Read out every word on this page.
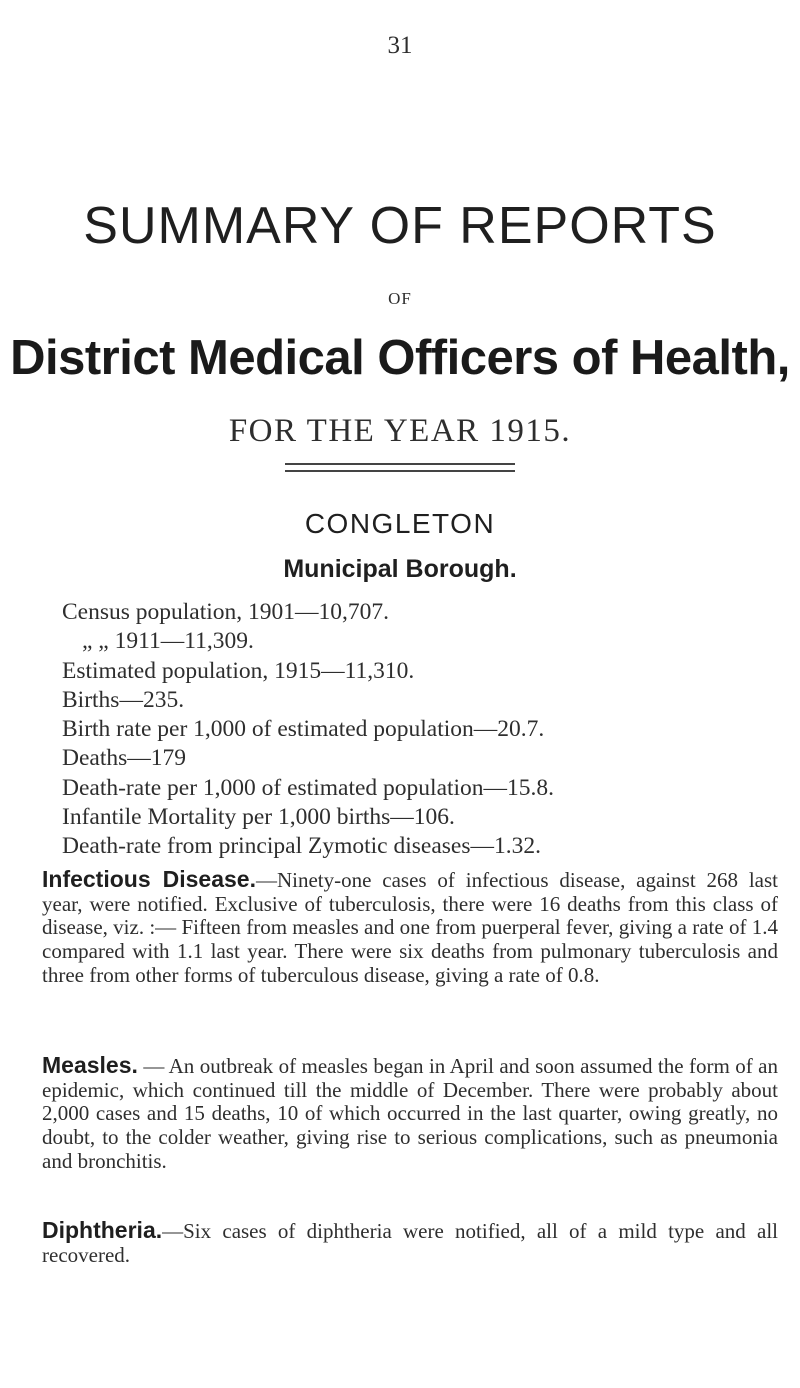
31
SUMMARY OF REPORTS
OF
District Medical Officers of Health,
FOR THE YEAR 1915.
CONGLETON
Municipal Borough.
Census population, 1901—10,707.
„ „ 1911—11,309.
Estimated population, 1915—11,310.
Births—235.
Birth rate per 1,000 of estimated population—20.7.
Deaths—179
Death-rate per 1,000 of estimated population—15.8.
Infantile Mortality per 1,000 births—106.
Death-rate from principal Zymotic diseases—1.32.

Infectious Disease.—Ninety-one cases of infectious disease, against 268 last year, were notified. Exclusive of tuberculosis, there were 16 deaths from this class of disease, viz. :— Fifteen from measles and one from puerperal fever, giving a rate of 1.4 compared with 1.1 last year. There were six deaths from pulmonary tuberculosis and three from other forms of tuberculous disease, giving a rate of 0.8.

Measles. — An outbreak of measles began in April and soon assumed the form of an epidemic, which continued till the middle of December. There were probably about 2,000 cases and 15 deaths, 10 of which occurred in the last quarter, owing greatly, no doubt, to the colder weather, giving rise to serious complications, such as pneumonia and bronchitis.

Diphtheria.—Six cases of diphtheria were notified, all of a mild type and all recovered.
